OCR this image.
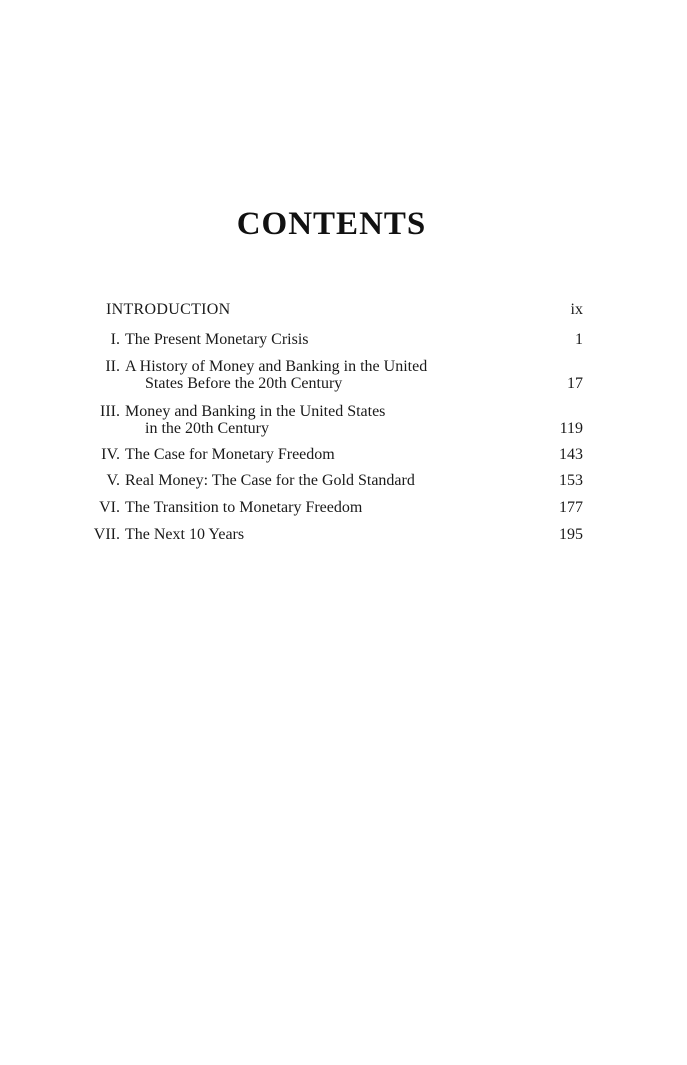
CONTENTS
INTRODUCTION	ix
I. The Present Monetary Crisis	1
II. A History of Money and Banking in the United
States Before the 20th Century	17
III. Money and Banking in the United States
in the 20th Century	119
IV. The Case for Monetary Freedom	143
V. Real Money: The Case for the Gold Standard	153
VI. The Transition to Monetary Freedom	177
VII. The Next 10 Years	195
